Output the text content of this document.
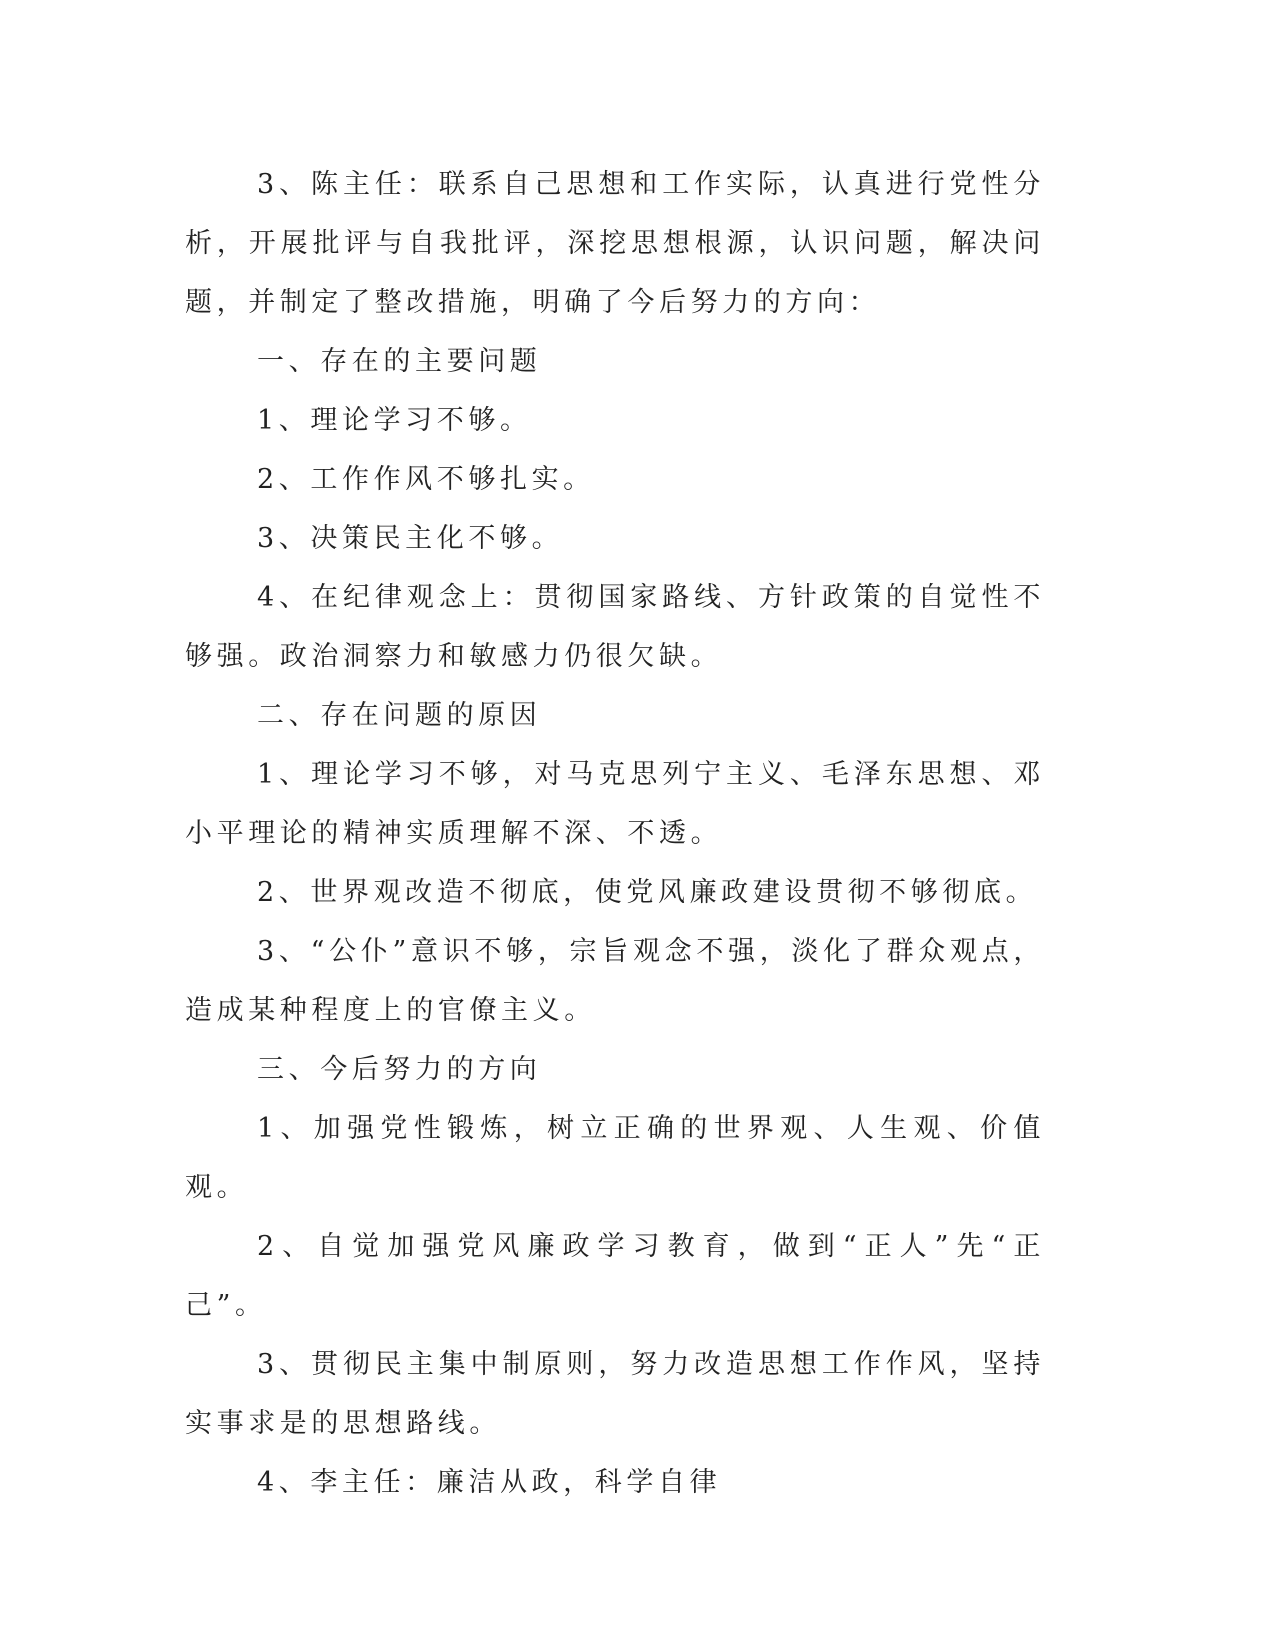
3、陈主任：联系自己思想和工作实际，认真进行党性分析，开展批评与自我批评，深挖思想根源，认识问题，解决问题，并制定了整改措施，明确了今后努力的方向：

一、存在的主要问题

1、理论学习不够。

2、工作作风不够扎实。

3、决策民主化不够。

4、在纪律观念上：贯彻国家路线、方针政策的自觉性不够强。政治洞察力和敏感力仍很欠缺。

二、存在问题的原因

1、理论学习不够，对马克思列宁主义、毛泽东思想、邓小平理论的精神实质理解不深、不透。

2、世界观改造不彻底，使党风廉政建设贯彻不够彻底。

3、“公仆”意识不够，宗旨观念不强，淡化了群众观点，造成某种程度上的官僚主义。

三、今后努力的方向

1、加强党性锻炼，树立正确的世界观、人生观、价值观。

2、自觉加强党风廉政学习教育，做到“正人”先“正己”。

3、贯彻民主集中制原则，努力改造思想工作作风，坚持实事求是的思想路线。

4、李主任：廉洁从政，科学自律
